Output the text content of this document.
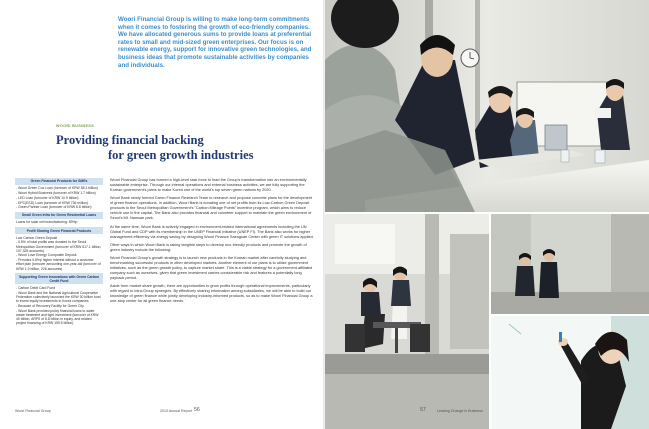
Woori Financial Group is willing to make long-term commitments when it comes to fostering the growth of eco-friendly companies. We have allocated generous sums to provide loans at preferential rates to small and mid-sized green enterprises. Our focus is on renewable energy, support for innovative green technologies, and business ideas that promote sustainable activities by companies and individuals.

WOORI BUSINESS
Providing financial backing
for green growth industries
Green Financial Products for SMEs
- Woori Green Cos Loan (turnover of KRW 58.3 billion)
- Woori Hybrid Business (turnover of KRW 1.7 billion)
- LED Loan (turnover of KRW 10.9 billion)
- EPC(ESD) Loan (turnover of KRW 736 million)
- Green Partner Loan (turnover of KRW 6.8 billion)
Small Green Infra for Green Residential Loans
Loans for solar cell manufacturing: 89%p
Profit Sharing Green Financial Products
Low Carbon Green Deposit
- 0.5% of total profits was donated to the Seoul Metropolitan Government (turnover of KRW 617.1 billion, 107,325 accounts)
- Woori Love Energy Composite Deposit
- Provides 0.8%p higher interest without a customer effort plan (turnover amounting one-year-old (turnover of KRW 1.9 billion, 226 accounts)
Supporting Green Innovations with Green Carbon Credit Fund
- Carbon Debit Card Fund
- Woori Bank and the National Agricultural Cooperative Federation collectively launched the KRW 30 billion fund to invest equity investments in Korea companies
- Because of Recovery Facility for Green City
- Woori Bank provided policy financial loans to water waste treatment and tight investment (turnover of KRW 40 billion, ARPS of 8.8 billion in equity, and related project financing of KRW 159.5 billion)

Woori Financial Group has formed a high-level task force to lead the Group's transformation into an environmentally sustainable enterprise. Through our internal operations and external business activities, we are fully supporting the Korean government's plans to make Korea one of the world's top seven green nations by 2020.

Woori Bank newly formed Green Finance Research Team to research and propose concrete plans for the development of green finance operations. In addition, Woori Bank is donating one of net profits from its Low-Carbon Green Deposit products to the Seoul Metropolitan Government's "Carbon Mileage Points" incentive program, which aims to reduce vehicle use in the capital. The Bank also provides financial and volunteer support to maintain the green environment of Seoul's Mt. Namsan park.

At the same time, Woori Bank is actively engaged in environment-related international agreements including the UN Global Fund and CDP with its membership in the UNEP Financial Initiative (UNEP FI). The Bank also works for higher management efficiency via energy saving by designing Woori Finance Saengsan Center with green IT solutions applied.

Other ways in which Woori Bank is taking tangible steps to develop eco-friendly products and promote the growth of green industry include the following:

Woori Financial Group's growth strategy is to launch new products in the Korean market after carefully studying and benchmarking successful products in other developed markets. Another element of our plans is to utilize government initiatives, such as the green growth policy, to capture market share. This is a viable strategy for a government-affiliated company such as ourselves, given that green investment carries considerable risk and features a potentially long payback period.

Aside from market share growth, there are opportunities to grow profits through operational improvements, particularly with regard to intra-Group synergies. By effectively sharing information among subsidiaries, we will be able to build our knowledge of green finance while jointly developing industry-informed products, so as to make Woori Financial Group a one-stop center for all green finance needs.

Woori Financial Group	2010 Annual Report 56	57	Leading Change in Business
